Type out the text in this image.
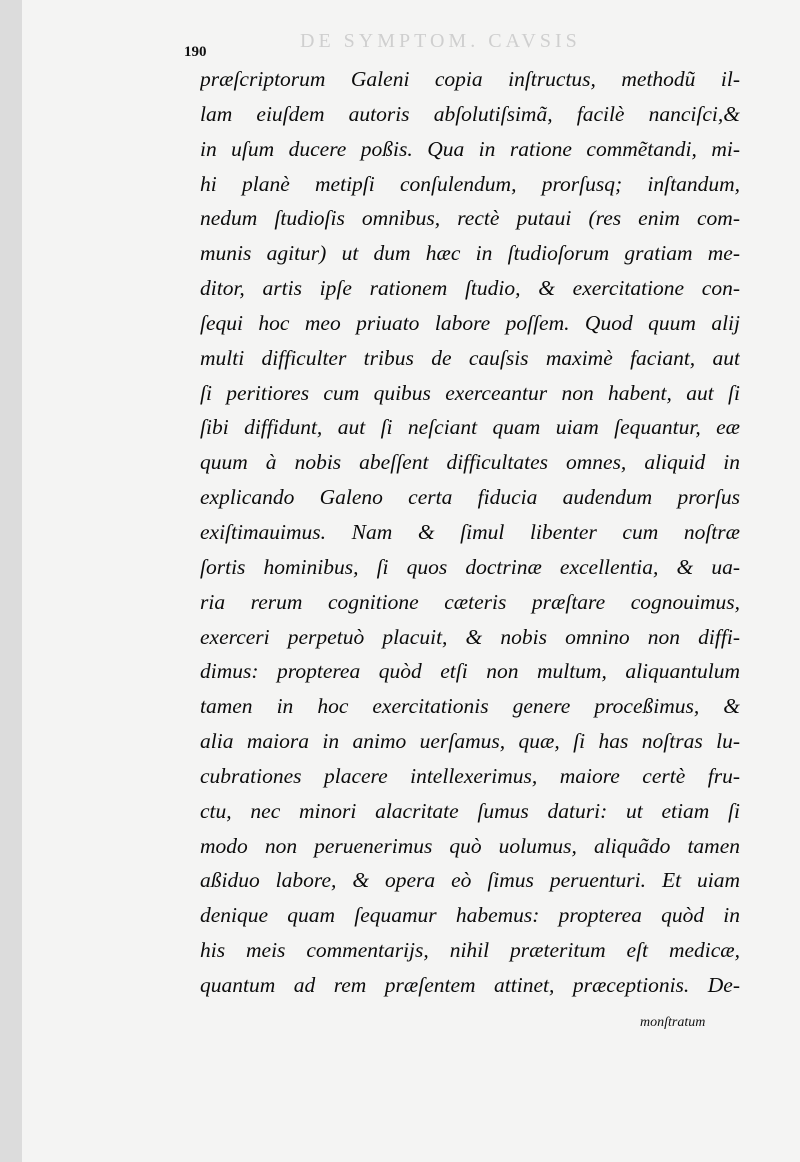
DE SYMPTOM. CAVSIS
190
præſcriptorum Galeni copia inſtructus, methodũ il-
lam eiuſdem autoris abſolutiſsimã, facilè nanciſci,&
in uſum ducere poßis. Qua in ratione commẽtandi, mi-
hi planè metipſi conſulendum, prorſusq; inſtandum,
nedum ſtudioſis omnibus, rectè putaui (res enim com-
munis agitur) ut dum hæc in ſtudioſorum gratiam me-
ditor, artis ipſe rationem ſtudio, & exercitatione con-
ſequi hoc meo priuato labore poſſem. Quod quum alij
multi difficulter tribus de cauſsis maximè faciant, aut
ſi peritiores cum quibus exerceantur non habent, aut ſi
ſibi diffidunt, aut ſi neſciant quam uiam ſequantur, eæ
quum à nobis abeſſent difficultates omnes, aliquid in
explicando Galeno certa fiducia audendum prorſus
exiſtimauimus. Nam & ſimul libenter cum noſtræ
ſortis hominibus, ſi quos doctrinæ excellentia, & ua-
ria rerum cognitione cæteris præſtare cognouimus,
exerceri perpetuò placuit, & nobis omnino non diffi-
dimus: propterea quòd etſi non multum, aliquantulum
tamen in hoc exercitationis genere proceßimus, &
alia maiora in animo uerſamus, quæ, ſi has noſtras lu-
cubrationes placere intellexerimus, maiore certè fru-
ctu, nec minori alacritate ſumus daturi: ut etiam ſi
modo non peruenerimus quò uolumus, aliquãdo tamen
aßiduo labore, & opera eò ſimus peruenturi. Et uiam
denique quam ſequamur habemus: propterea quòd in
his meis commentarijs, nihil præteritum eſt medicæ,
quantum ad rem præſentem attinet, præceptionis. De-
monſtratum
